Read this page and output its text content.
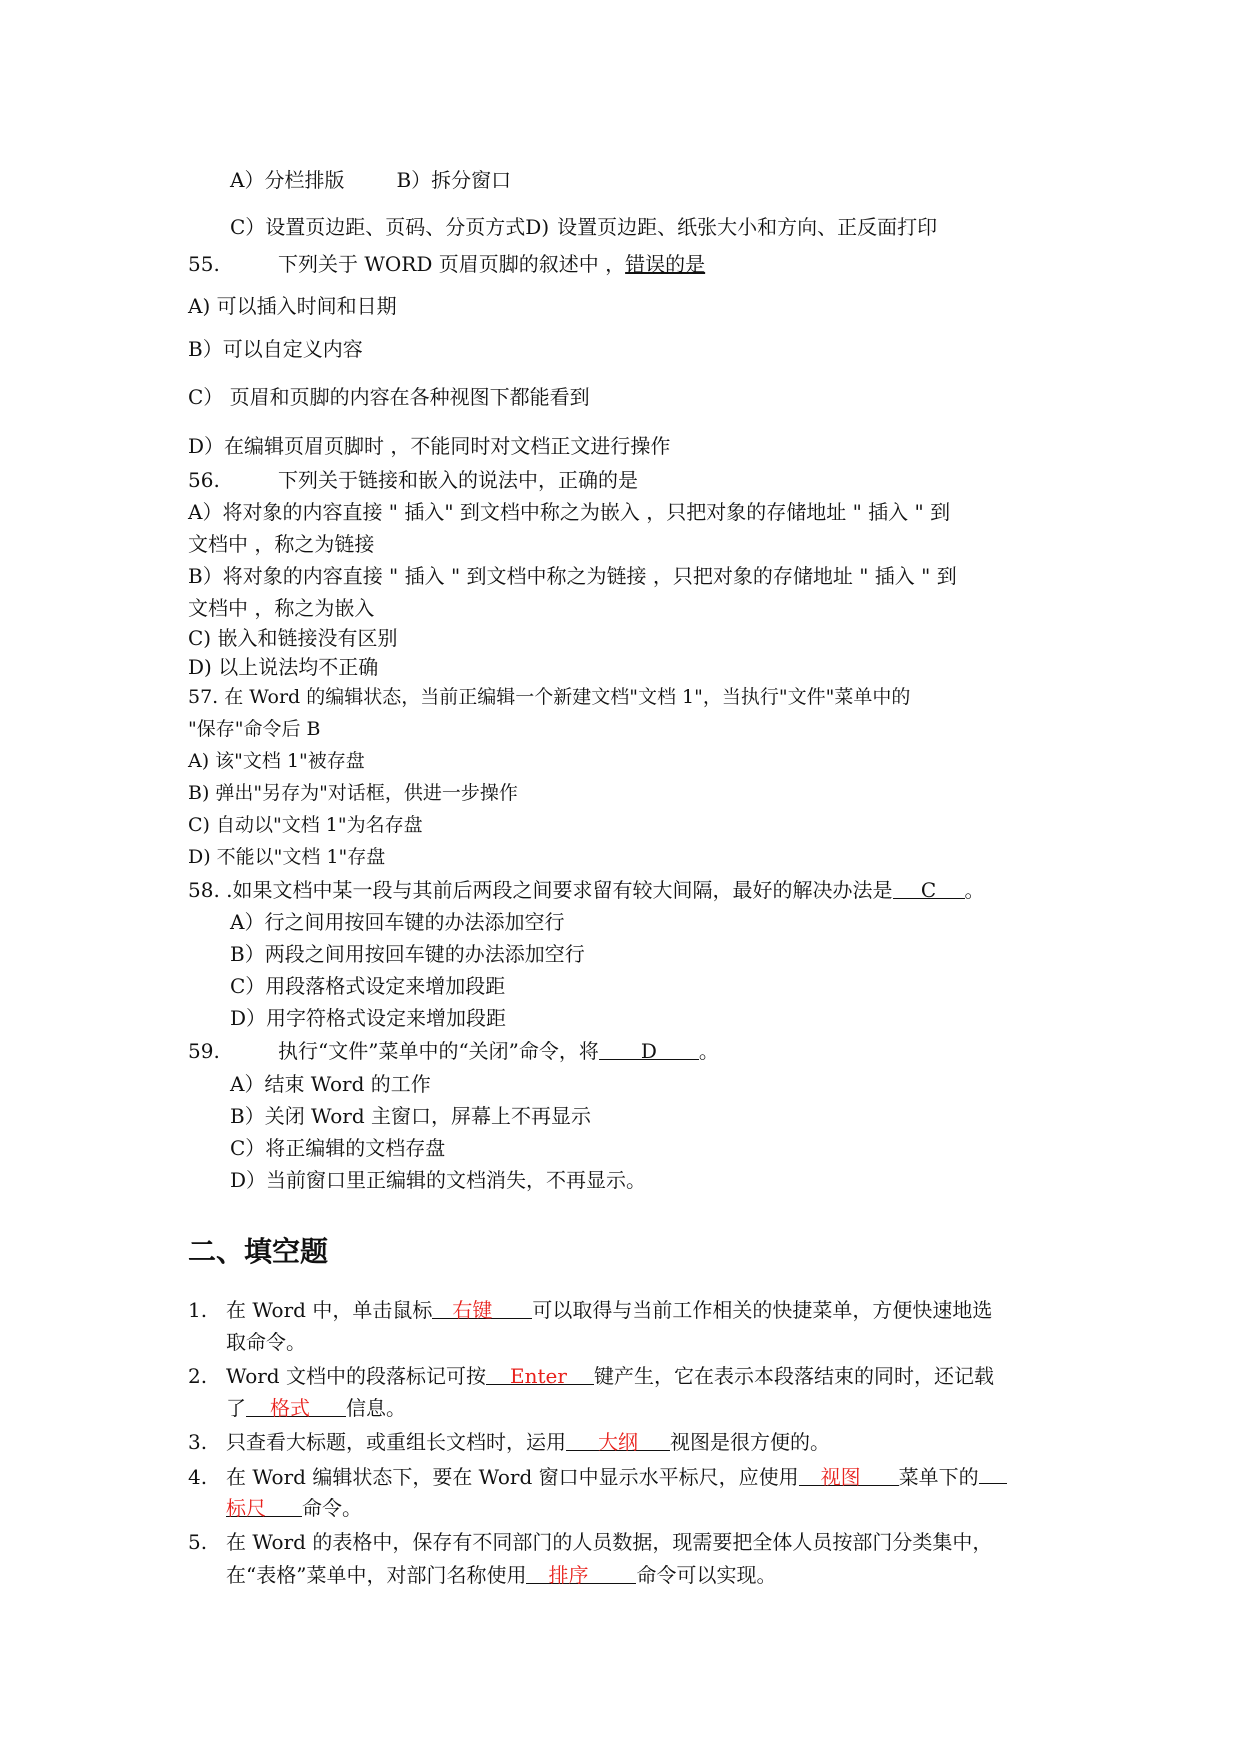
A）分栏排版	B）拆分窗口
C）设置页边距、页码、分页方式D) 设置页边距、纸张大小和方向、正反面打印
55.	下列关于 WORD 页眉页脚的叙述中 ，错误的是
A) 可以插入时间和日期
B）可以自定义内容
C） 页眉和页脚的内容在各种视图下都能看到
D）在编辑页眉页脚时 ，不能同时对文档正文进行操作
56.	下列关于链接和嵌入的说法中，正确的是
A）将对象的内容直接 " 插入" 到文档中称之为嵌入 ，只把对象的存储地址 " 插入 " 到
文档中 ，称之为链接
B）将对象的内容直接 " 插入 " 到文档中称之为链接 ，只把对象的存储地址 " 插入 " 到
文档中 ，称之为嵌入
C) 嵌入和链接没有区别
D) 以上说法均不正确
57. 在 Word 的编辑状态，当前正编辑一个新建文档"文档 1"，当执行"文件"菜单中的
"保存"命令后 B
A) 该"文档 1"被存盘
B) 弹出"另存为"对话框，供进一步操作
C) 自动以"文档 1"为名存盘
D) 不能以"文档 1"存盘
58. .如果文档中某一段与其前后两段之间要求留有较大间隔，最好的解决办法是 C 。
A）行之间用按回车键的办法添加空行
B）两段之间用按回车键的办法添加空行
C）用段落格式设定来增加段距
D）用字符格式设定来增加段距
59.	执行“文件”菜单中的“关闭”命令，将 D 。
A）结束 Word 的工作
B）关闭 Word 主窗口，屏幕上不再显示
C）将正编辑的文档存盘
D）当前窗口里正编辑的文档消失，不再显示。
二、填空题
1. 在 Word 中，单击鼠标 右键 可以取得与当前工作相关的快捷菜单，方便快速地选
取命令。
2. Word 文档中的段落标记可按 Enter 键产生，它在表示本段落结束的同时，还记载
了 格式 信息。
3. 只查看大标题，或重组长文档时，运用 大纲 视图是很方便的。
4. 在 Word 编辑状态下，要在 Word 窗口中显示水平标尺，应使用 视图 菜单下的
标尺 命令。
5. 在 Word 的表格中，保存有不同部门的人员数据，现需要把全体人员按部门分类集中，
在“表格”菜单中，对部门名称使用 排序 命令可以实现。
